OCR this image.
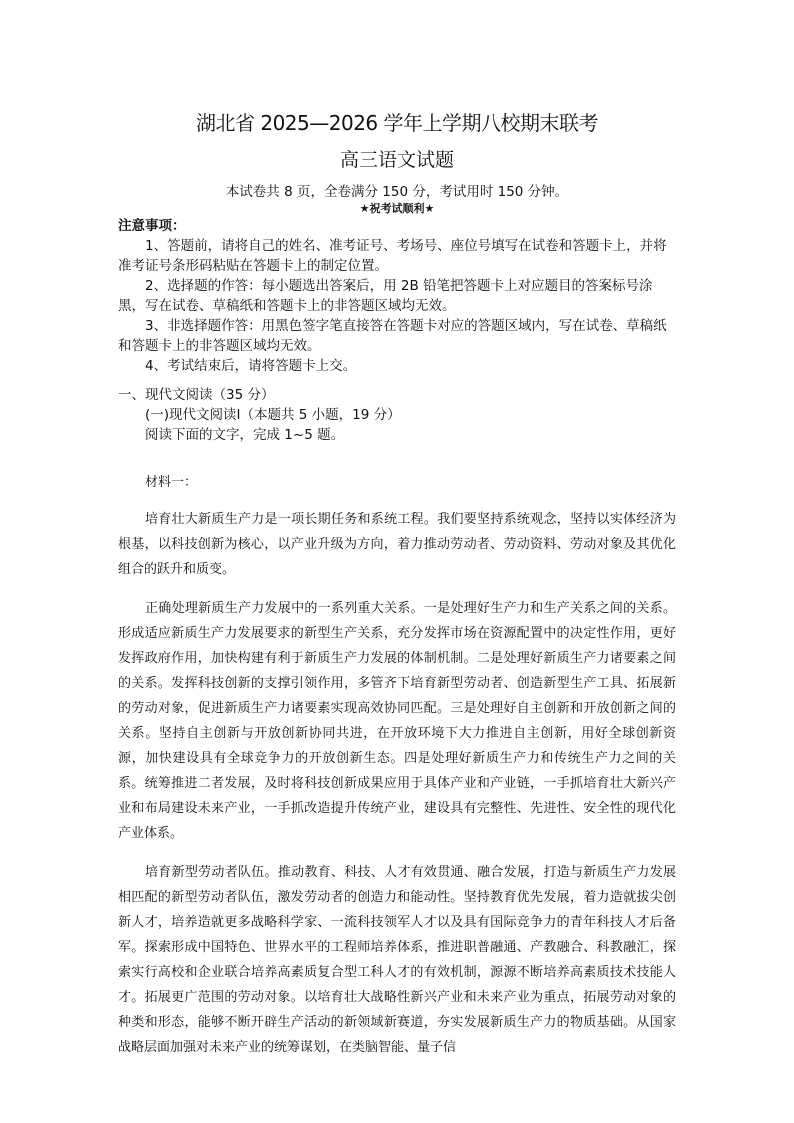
湖北省 2025—2026 学年上学期八校期末联考
高三语文试题
本试卷共 8 页，全卷满分 150 分，考试用时 150 分钟。
★祝考试顺利★
注意事项：
1、答题前，请将自己的姓名、准考证号、考场号、座位号填写在试卷和答题卡上，并将准考证号条形码粘贴在答题卡上的制定位置。
2、选择题的作答：每小题选出答案后，用 2B 铅笔把答题卡上对应题目的答案标号涂黑，写在试卷、草稿纸和答题卡上的非答题区域均无效。
3、非选择题作答：用黑色签字笔直接答在答题卡对应的答题区域内，写在试卷、草稿纸和答题卡上的非答题区域均无效。
4、考试结束后，请将答题卡上交。
一、现代文阅读（35 分）
(一)现代文阅读Ⅰ（本题共 5 小题，19 分）
阅读下面的文字，完成 1~5 题。
材料一：

培育壮大新质生产力是一项长期任务和系统工程。我们要坚持系统观念，坚持以实体经济为根基，以科技创新为核心，以产业升级为方向，着力推动劳动者、劳动资料、劳动对象及其优化组合的跃升和质变。

正确处理新质生产力发展中的一系列重大关系。一是处理好生产力和生产关系之间的关系。形成适应新质生产力发展要求的新型生产关系，充分发挥市场在资源配置中的决定性作用，更好发挥政府作用，加快构建有利于新质生产力发展的体制机制。二是处理好新质生产力诸要素之间的关系。发挥科技创新的支撑引领作用，多管齐下培育新型劳动者、创造新型生产工具、拓展新的劳动对象，促进新质生产力诸要素实现高效协同匹配。三是处理好自主创新和开放创新之间的关系。坚持自主创新与开放创新协同共进，在开放环境下大力推进自主创新，用好全球创新资源，加快建设具有全球竞争力的开放创新生态。四是处理好新质生产力和传统生产力之间的关系。统筹推进二者发展，及时将科技创新成果应用于具体产业和产业链，一手抓培育壮大新兴产业和布局建设未来产业，一手抓改造提升传统产业，建设具有完整性、先进性、安全性的现代化产业体系。

培育新型劳动者队伍。推动教育、科技、人才有效贯通、融合发展，打造与新质生产力发展相匹配的新型劳动者队伍，激发劳动者的创造力和能动性。坚持教育优先发展，着力造就拔尖创新人才，培养造就更多战略科学家、一流科技领军人才以及具有国际竞争力的青年科技人才后备军。探索形成中国特色、世界水平的工程师培养体系，推进职普融通、产教融合、科教融汇，探索实行高校和企业联合培养高素质复合型工科人才的有效机制，源源不断培养高素质技术技能人才。拓展更广范围的劳动对象。以培育壮大战略性新兴产业和未来产业为重点，拓展劳动对象的种类和形态，能够不断开辟生产活动的新领域新赛道，夯实发展新质生产力的物质基础。从国家战略层面加强对未来产业的统筹谋划，在类脑智能、量子信
